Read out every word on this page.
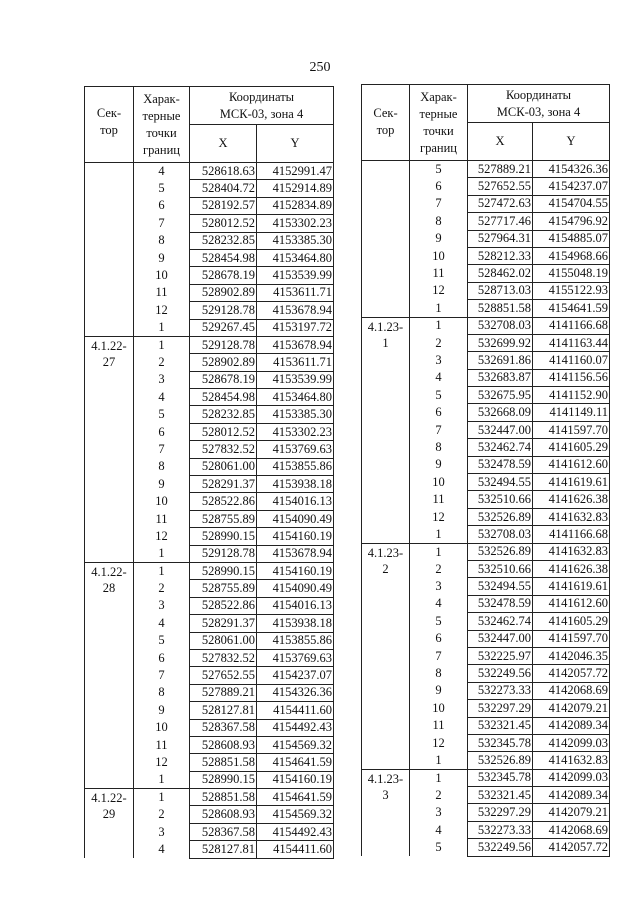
250
Сек-
тор	Харак-
терные
точки
границ	Координаты
МСК-03, зона 4	
		X	Y

	4	528618.63	4152991.47
	5	528404.72	4152914.89
	6	528192.57	4152834.89
	7	528012.52	4153302.23
	8	528232.85	4153385.30
	9	528454.98	4153464.80
	10	528678.19	4153539.99
	11	528902.89	4153611.71
	12	529128.78	4153678.94
	1	529267.45	4153197.72

4.1.22-
27	1	529128.78	4153678.94
	2	528902.89	4153611.71
	3	528678.19	4153539.99
	4	528454.98	4153464.80
	5	528232.85	4153385.30
	6	528012.52	4153302.23
	7	527832.52	4153769.63
	8	528061.00	4153855.86
	9	528291.37	4153938.18
	10	528522.86	4154016.13
	11	528755.89	4154090.49
	12	528990.15	4154160.19
	1	529128.78	4153678.94

4.1.22-
28	1	528990.15	4154160.19
	2	528755.89	4154090.49
	3	528522.86	4154016.13
	4	528291.37	4153938.18
	5	528061.00	4153855.86
	6	527832.52	4153769.63
	7	527652.55	4154237.07
	8	527889.21	4154326.36
	9	528127.81	4154411.60
	10	528367.58	4154492.43
	11	528608.93	4154569.32
	12	528851.58	4154641.59
	1	528990.15	4154160.19

4.1.22-
29	1	528851.58	4154641.59
	2	528608.93	4154569.32
	3	528367.58	4154492.43
	4	528127.81	4154411.60
Сек-
тор	Харак-
терные
точки
границ	Координаты
МСК-03, зона 4	
		X	Y

	5	527889.21	4154326.36
	6	527652.55	4154237.07
	7	527472.63	4154704.55
	8	527717.46	4154796.92
	9	527964.31	4154885.07
	10	528212.33	4154968.66
	11	528462.02	4155048.19
	12	528713.03	4155122.93
	1	528851.58	4154641.59

4.1.23-
1	1	532708.03	4141166.68
	2	532699.92	4141163.44
	3	532691.86	4141160.07
	4	532683.87	4141156.56
	5	532675.95	4141152.90
	6	532668.09	4141149.11
	7	532447.00	4141597.70
	8	532462.74	4141605.29
	9	532478.59	4141612.60
	10	532494.55	4141619.61
	11	532510.66	4141626.38
	12	532526.89	4141632.83
	1	532708.03	4141166.68

4.1.23-
2	1	532526.89	4141632.83
	2	532510.66	4141626.38
	3	532494.55	4141619.61
	4	532478.59	4141612.60
	5	532462.74	4141605.29
	6	532447.00	4141597.70
	7	532225.97	4142046.35
	8	532249.56	4142057.72
	9	532273.33	4142068.69
	10	532297.29	4142079.21
	11	532321.45	4142089.34
	12	532345.78	4142099.03
	1	532526.89	4141632.83

4.1.23-
3	1	532345.78	4142099.03
	2	532321.45	4142089.34
	3	532297.29	4142079.21
	4	532273.33	4142068.69
	5	532249.56	4142057.72
